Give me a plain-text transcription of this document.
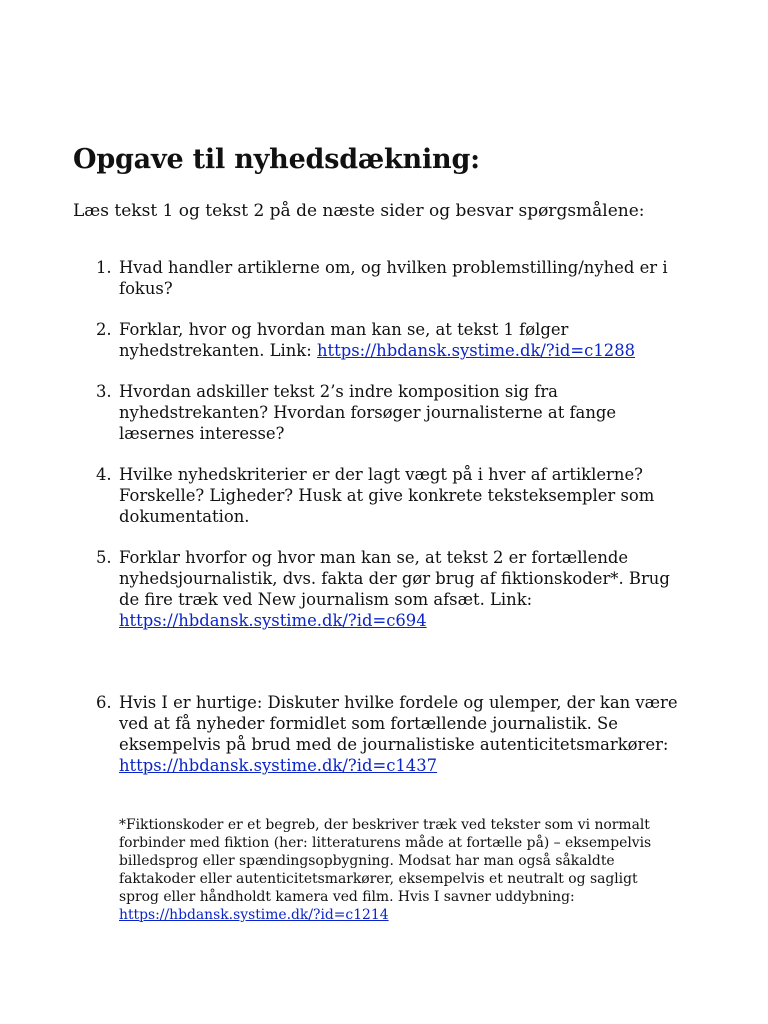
Opgave til nyhedsdækning:

Læs tekst 1 og tekst 2 på de næste sider og besvar spørgsmålene:

1. Hvad handler artiklerne om, og hvilken problemstilling/nyhed er i
fokus?
2. Forklar, hvor og hvordan man kan se, at tekst 1 følger
nyhedstrekanten. Link: https://hbdansk.systime.dk/?id=c1288
3. Hvordan adskiller tekst 2’s indre komposition sig fra
nyhedstrekanten? Hvordan forsøger journalisterne at fange
læsernes interesse?
4. Hvilke nyhedskriterier er der lagt vægt på i hver af artiklerne?
Forskelle? Ligheder? Husk at give konkrete teksteksempler som
dokumentation.
5. Forklar hvorfor og hvor man kan se, at tekst 2 er fortællende
nyhedsjournalistik, dvs. fakta der gør brug af fiktionskoder*. Brug
de fire træk ved New journalism som afsæt. Link:
https://hbdansk.systime.dk/?id=c694
6. Hvis I er hurtige: Diskuter hvilke fordele og ulemper, der kan være
ved at få nyheder formidlet som fortællende journalistik. Se
eksempelvis på brud med de journalistiske autenticitetsmarkører:
https://hbdansk.systime.dk/?id=c1437
*Fiktionskoder er et begreb, der beskriver træk ved tekster som vi normalt
forbinder med fiktion (her: litteraturens måde at fortælle på) – eksempelvis
billedsprog eller spændingsopbygning. Modsat har man også såkaldte
faktakoder eller autenticitetsmarkører, eksempelvis et neutralt og sagligt
sprog eller håndholdt kamera ved film. Hvis I savner uddybning:
https://hbdansk.systime.dk/?id=c1214
